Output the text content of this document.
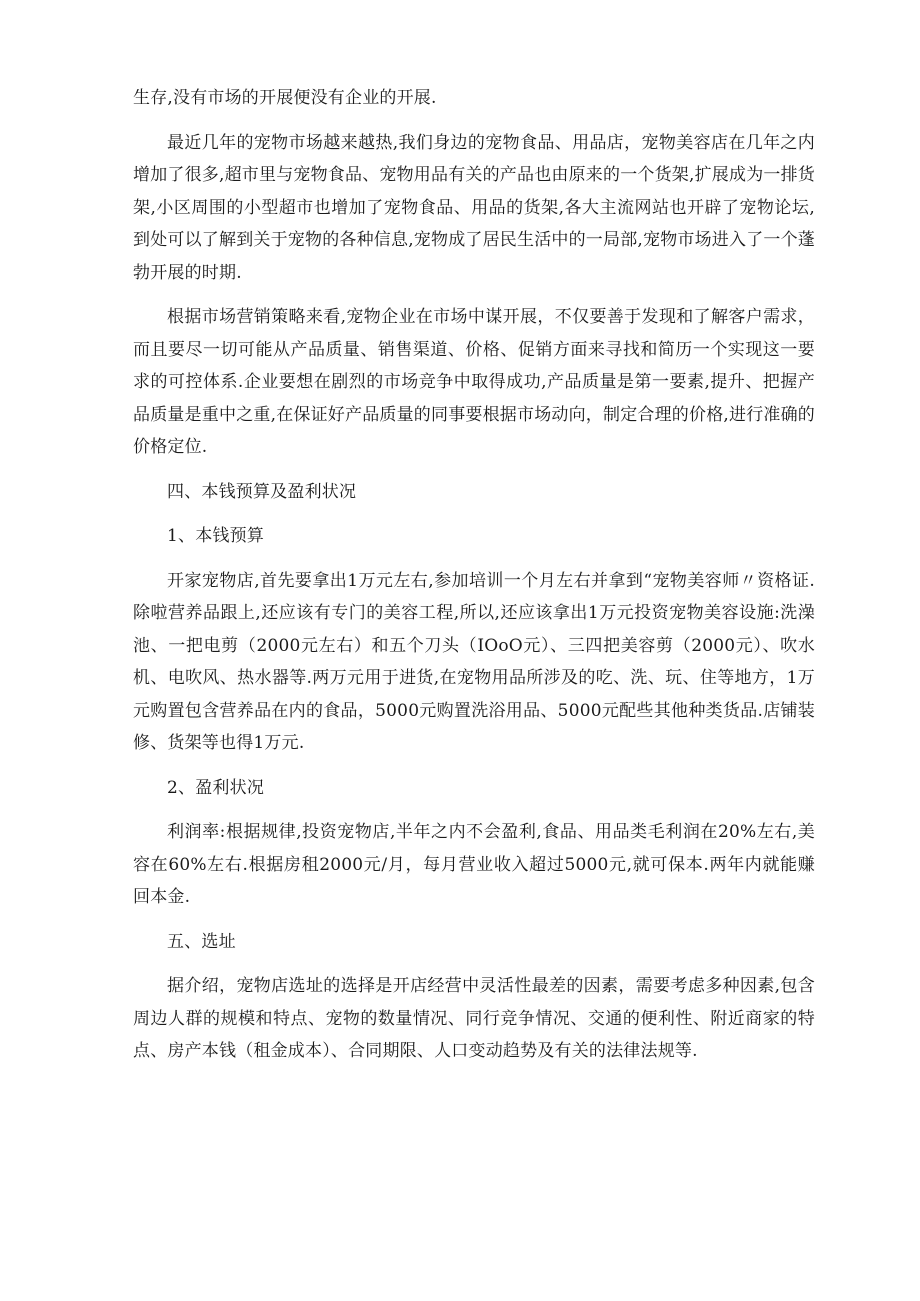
生存,没有市场的开展便没有企业的开展.

最近几年的宠物市场越来越热,我们身边的宠物食品、用品店，宠物美容店在几年之内增加了很多,超市里与宠物食品、宠物用品有关的产品也由原来的一个货架,扩展成为一排货架,小区周围的小型超市也增加了宠物食品、用品的货架,各大主流网站也开辟了宠物论坛,到处可以了解到关于宠物的各种信息,宠物成了居民生活中的一局部,宠物市场进入了一个蓬勃开展的时期.

根据市场营销策略来看,宠物企业在市场中谋开展，不仅要善于发现和了解客户需求，而且要尽一切可能从产品质量、销售渠道、价格、促销方面来寻找和简历一个实现这一要求的可控体系.企业要想在剧烈的市场竞争中取得成功,产品质量是第一要素,提升、把握产品质量是重中之重,在保证好产品质量的同事要根据市场动向，制定合理的价格,进行准确的价格定位.

四、本钱预算及盈利状况

1、本钱预算

开家宠物店,首先要拿出1万元左右,参加培训一个月左右并拿到“宠物美容师〃资格证.除啦营养品跟上,还应该有专门的美容工程,所以,还应该拿出1万元投资宠物美容设施:洗澡池、一把电剪（2000元左右）和五个刀头（IOoO元）、三四把美容剪（2000元）、吹水机、电吹风、热水器等.两万元用于进货,在宠物用品所涉及的吃、洗、玩、住等地方，1万元购置包含营养品在内的食品，5000元购置洗浴用品、5000元配些其他种类货品.店铺装修、货架等也得1万元.

2、盈利状况

利润率:根据规律,投资宠物店,半年之内不会盈利,食品、用品类毛利润在20%左右,美容在60%左右.根据房租2000元/月，每月营业收入超过5000元,就可保本.两年内就能赚回本金.

五、选址

据介绍，宠物店选址的选择是开店经营中灵活性最差的因素，需要考虑多种因素,包含周边人群的规模和特点、宠物的数量情况、同行竞争情况、交通的便利性、附近商家的特点、房产本钱（租金成本）、合同期限、人口变动趋势及有关的法律法规等.
